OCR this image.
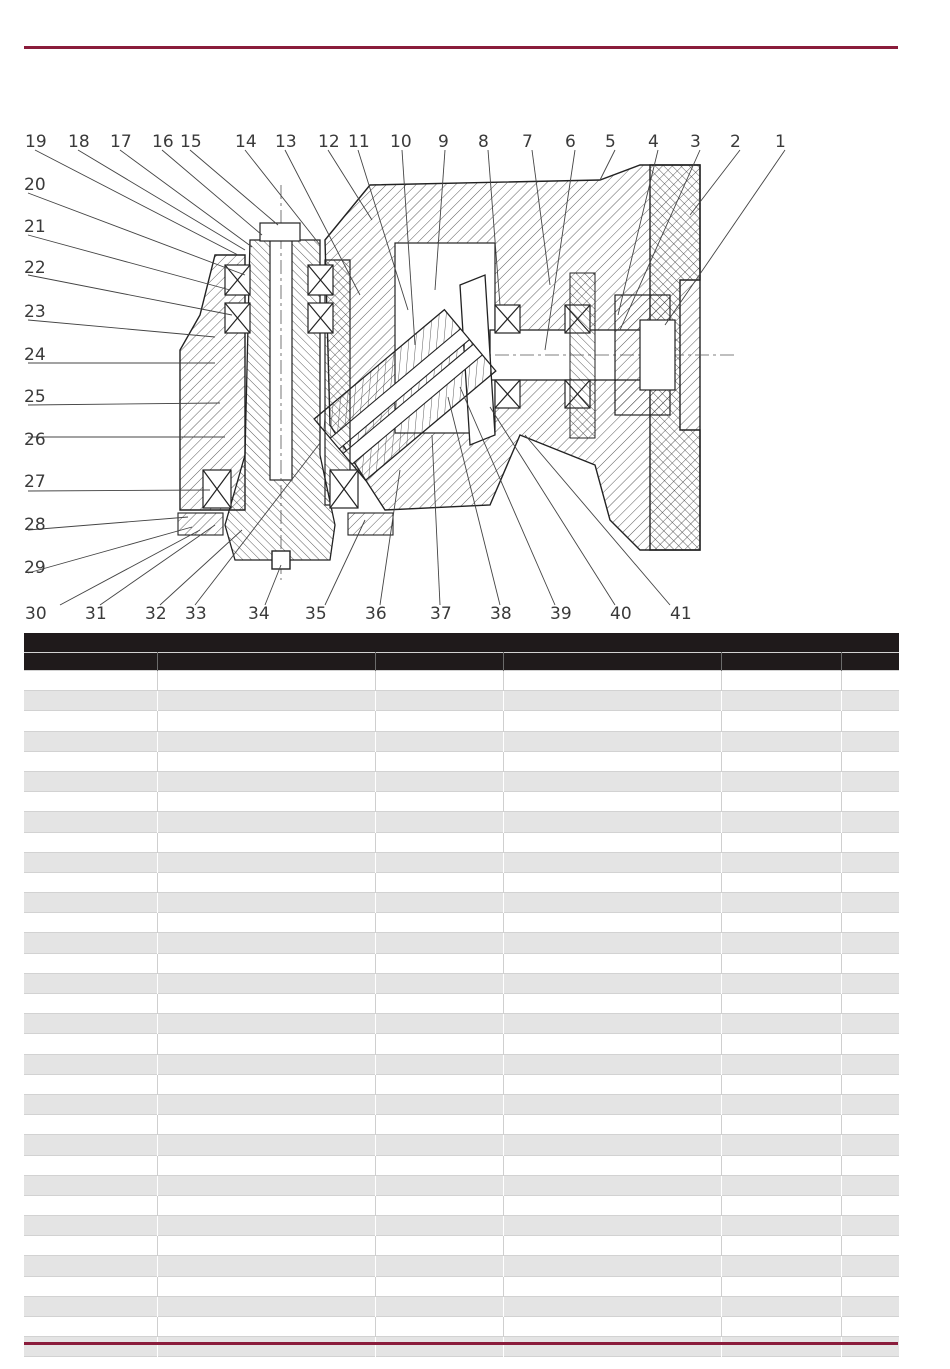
19 18 17 16 15 14 13 12 11 10 9 8 7 6 5 4 3 2 1
20
21
22
23
24
25
26
27
28
29
30 31 32 33 34 35 36	37 38 39 40 41
